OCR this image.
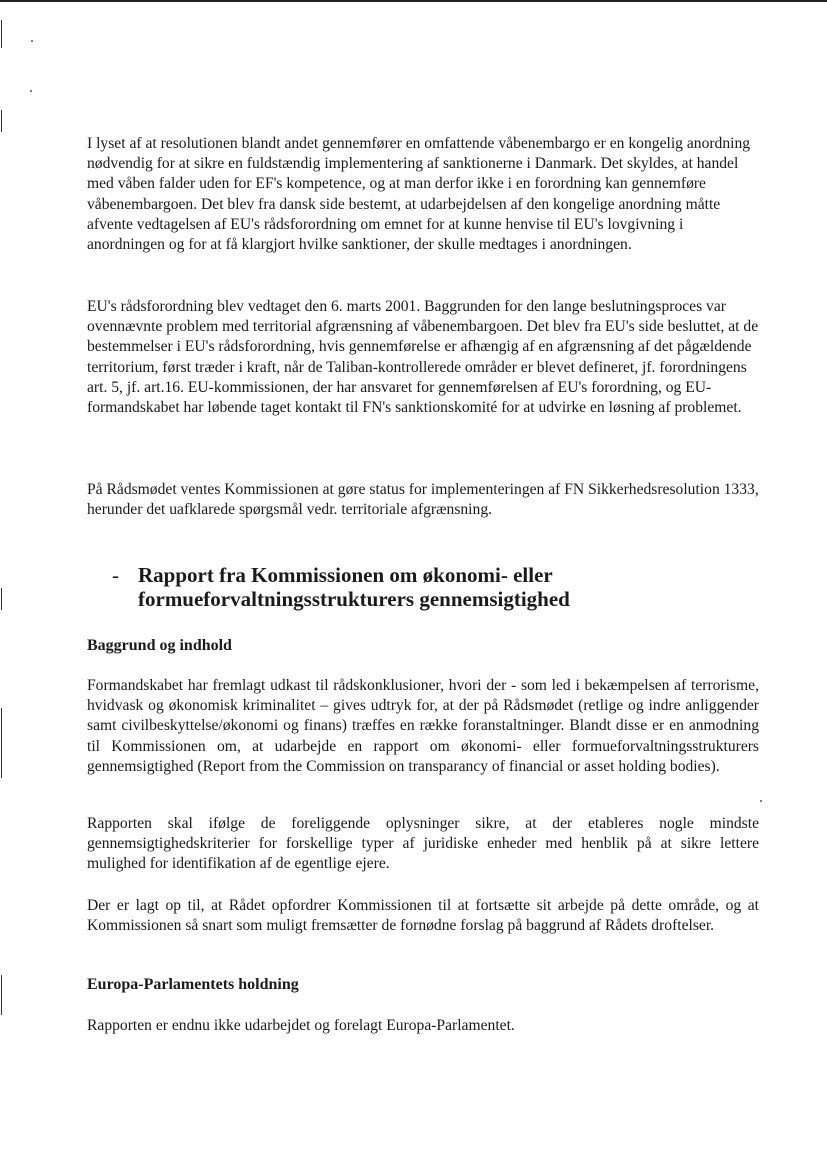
I lyset af at resolutionen blandt andet gennemfører en omfattende våbenembargo er en kongelig anordning nødvendig for at sikre en fuldstændig implementering af sanktionerne i Danmark. Det skyldes, at handel med våben falder uden for EF's kompetence, og at man derfor ikke i en forordning kan gennemføre våbenembargoen. Det blev fra dansk side bestemt, at udarbejdelsen af den kongelige anordning måtte afvente vedtagelsen af EU's rådsforordning om emnet for at kunne henvise til EU's lovgivning i anordningen og for at få klargjort hvilke sanktioner, der skulle medtages i anordningen.

EU's rådsforordning blev vedtaget den 6. marts 2001. Baggrunden for den lange beslutningsproces var ovennævnte problem med territorial afgrænsning af våbenembargoen. Det blev fra EU's side besluttet, at de bestemmelser i EU's rådsforordning, hvis gennemførelse er afhængig af en afgrænsning af det pågældende territorium, først træder i kraft, når de Taliban-kontrollerede områder er blevet defineret, jf. forordningens art. 5, jf. art.16. EU-kommissionen, der har ansvaret for gennemførelsen af EU's forordning, og EU-formandskabet har løbende taget kontakt til FN's sanktionskomité for at udvirke en løsning af problemet.

På Rådsmødet ventes Kommissionen at gøre status for implementeringen af FN Sikkerhedsresolution 1333, herunder det uafklarede spørgsmål vedr. territoriale afgrænsning.

- Rapport fra Kommissionen om økonomi- eller formueforvaltningsstrukturers gennemsigtighed
Baggrund og indhold

Formandskabet har fremlagt udkast til rådskonklusioner, hvori der - som led i bekæmpelsen af terrorisme, hvidvask og økonomisk kriminalitet – gives udtryk for, at der på Rådsmødet (retlige og indre anliggender samt civilbeskyttelse/økonomi og finans) træffes en række foranstaltninger. Blandt disse er en anmodning til Kommissionen om, at udarbejde en rapport om økonomi- eller formueforvaltningsstrukturers gennemsigtighed (Report from the Commission on transparancy of financial or asset holding bodies).

Rapporten skal ifølge de foreliggende oplysninger sikre, at der etableres nogle mindste gennemsigtighedskriterier for forskellige typer af juridiske enheder med henblik på at sikre lettere mulighed for identifikation af de egentlige ejere.

Der er lagt op til, at Rådet opfordrer Kommissionen til at fortsætte sit arbejde på dette område, og at Kommissionen så snart som muligt fremsætter de fornødne forslag på baggrund af Rådets droftelser.

Europa-Parlamentets holdning

Rapporten er endnu ikke udarbejdet og forelagt Europa-Parlamentet.
